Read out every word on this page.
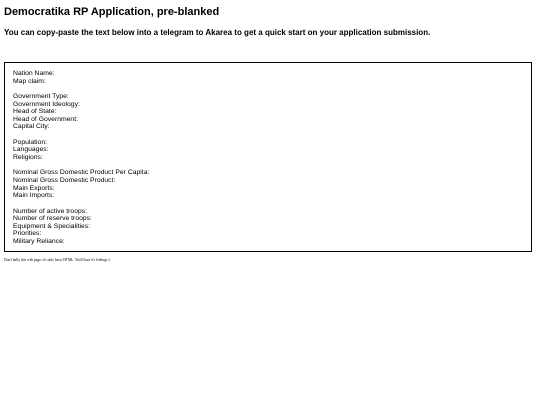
Democratika RP Application, pre-blanked

You can copy-paste the text below into a telegram to Akarea to get a quick start on your application submission.

Nation Name:
Map claim:
Government Type:
Government Ideology:
Head of State:
Head of Government:
Capital City:
Population:
Languages:
Religions:
Nominal Gross Domestic Product Per Capita:
Nominal Gross Domestic Product:
Main Exports:
Main Imports:
Number of active troops:
Number of reserve troops:
Equipment & Specialities:
Priorities:
Military Reliance:

Don't bully this web page; it's only basic HTML. You'll hurt it's feelings :(
